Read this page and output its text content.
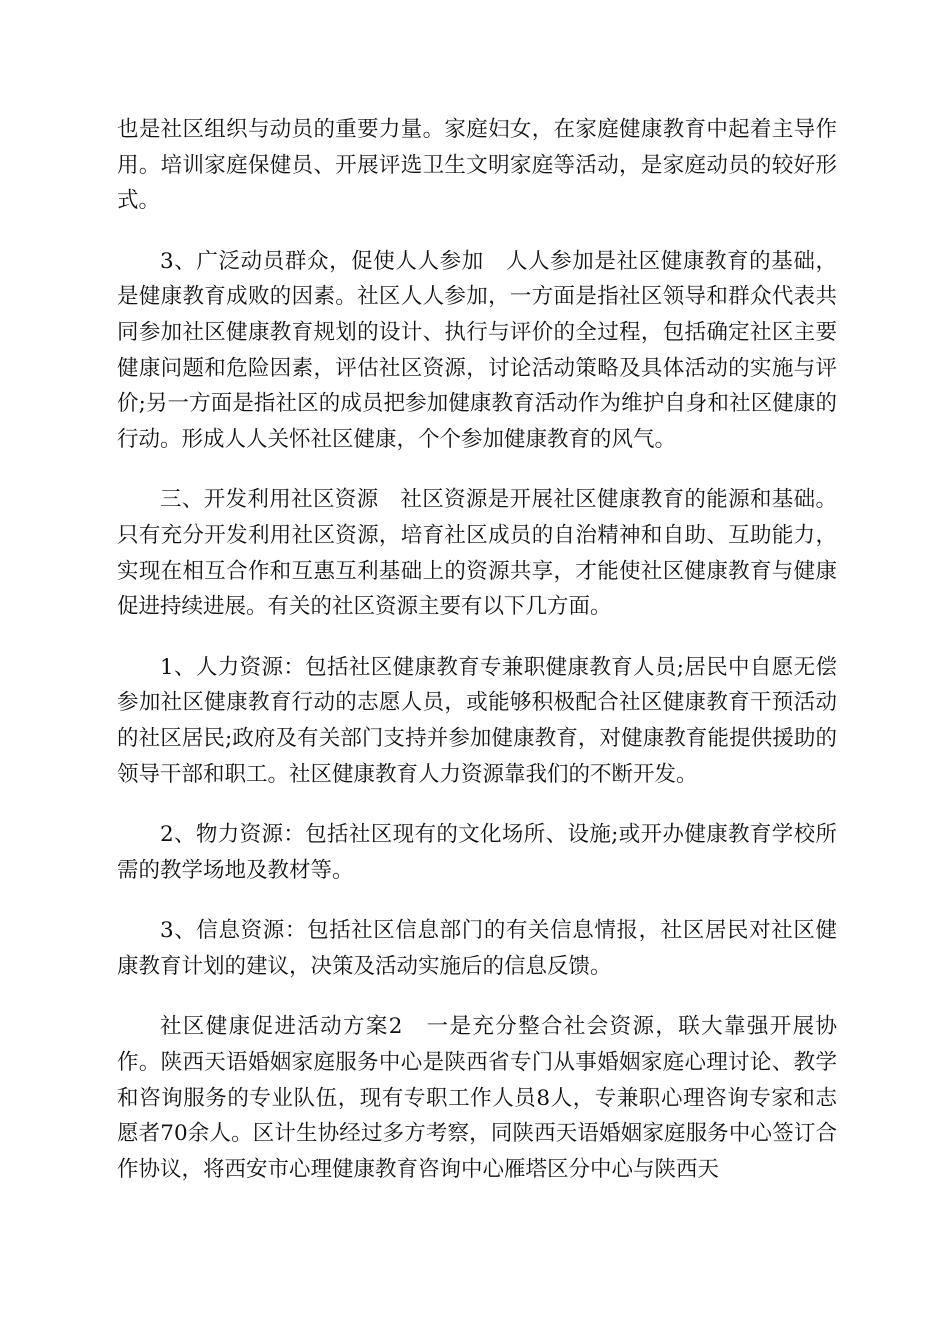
也是社区组织与动员的重要力量。家庭妇女，在家庭健康教育中起着主导作用。培训家庭保健员、开展评选卫生文明家庭等活动，是家庭动员的较好形式。

3、广泛动员群众，促使人人参加　人人参加是社区健康教育的基础，是健康教育成败的因素。社区人人参加，一方面是指社区领导和群众代表共同参加社区健康教育规划的设计、执行与评价的全过程，包括确定社区主要健康问题和危险因素，评估社区资源，讨论活动策略及具体活动的实施与评价;另一方面是指社区的成员把参加健康教育活动作为维护自身和社区健康的行动。形成人人关怀社区健康，个个参加健康教育的风气。

三、开发利用社区资源　社区资源是开展社区健康教育的能源和基础。只有充分开发利用社区资源，培育社区成员的自治精神和自助、互助能力，实现在相互合作和互惠互利基础上的资源共享，才能使社区健康教育与健康促进持续进展。有关的社区资源主要有以下几方面。

1、人力资源：包括社区健康教育专兼职健康教育人员;居民中自愿无偿参加社区健康教育行动的志愿人员，或能够积极配合社区健康教育干预活动的社区居民;政府及有关部门支持并参加健康教育，对健康教育能提供援助的领导干部和职工。社区健康教育人力资源靠我们的不断开发。

2、物力资源：包括社区现有的文化场所、设施;或开办健康教育学校所需的教学场地及教材等。

3、信息资源：包括社区信息部门的有关信息情报，社区居民对社区健康教育计划的建议，决策及活动实施后的信息反馈。

社区健康促进活动方案2　一是充分整合社会资源，联大靠强开展协作。陕西天语婚姻家庭服务中心是陕西省专门从事婚姻家庭心理讨论、教学和咨询服务的专业队伍，现有专职工作人员8人，专兼职心理咨询专家和志愿者70余人。区计生协经过多方考察，同陕西天语婚姻家庭服务中心签订合作协议，将西安市心理健康教育咨询中心雁塔区分中心与陕西天
